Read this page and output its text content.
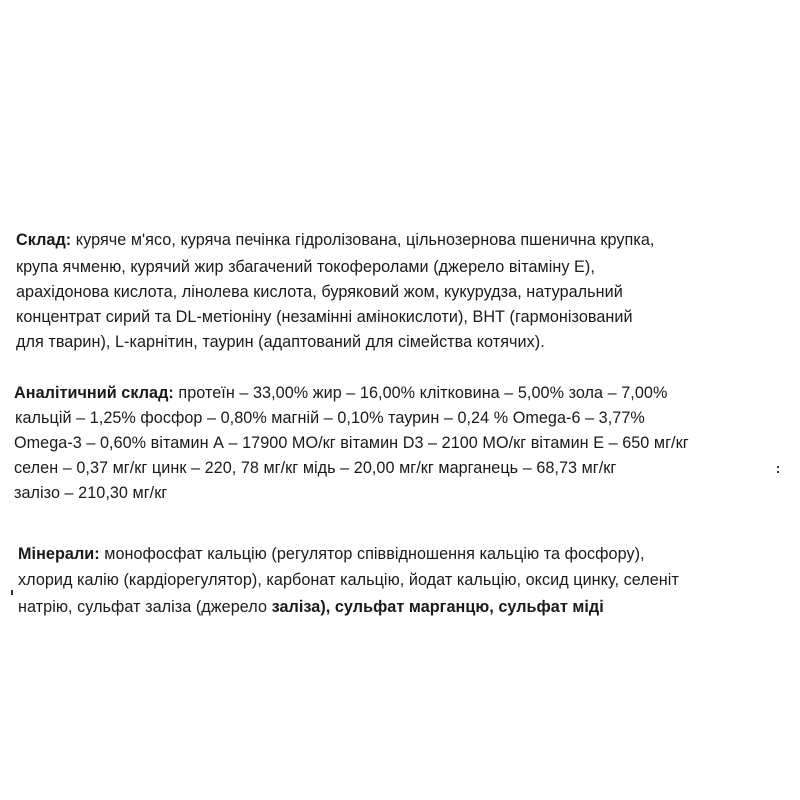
Склад: куряче м'ясо, куряча печінка гідролізована, цільнозернова пшенична крупка,
крупа ячменю, курячий жир збагачений токоферолами (джерело вітаміну Е),
арахідонова кислота, лінолева кислота, буряковий жом, кукурудза, натуральний
концентрат сирий та DL-метіоніну (незамінні амінокислоти), ВНТ (гармонізований
для тварин), L-карнітин, таурин (адаптований для сімейства котячих).
Аналітичний склад: протеїн – 33,00% жир – 16,00% клітковина – 5,00% зола – 7,00%
кальцій – 1,25% фосфор – 0,80% магній – 0,10% таурин – 0,24 % Omega-6 – 3,77%
Omega-3 – 0,60% вітамин А – 17900 МО/кг вітамин D3 – 2100 МО/кг вітамин Е – 650 мг/кг
селен – 0,37 мг/кг цинк – 220, 78 мг/кг мідь – 20,00 мг/кг марганець – 68,73 мг/кг
залізо – 210,30 мг/кг
Мінерали: монофосфат кальцію (регулятор співвідношення кальцію та фосфору),
хлорид калію (кардіорегулятор), карбонат кальцію, йодат кальцію, оксид цинку, селеніт
натрію, сульфат заліза (джерело заліза), сульфат марганцю, сульфат міді
